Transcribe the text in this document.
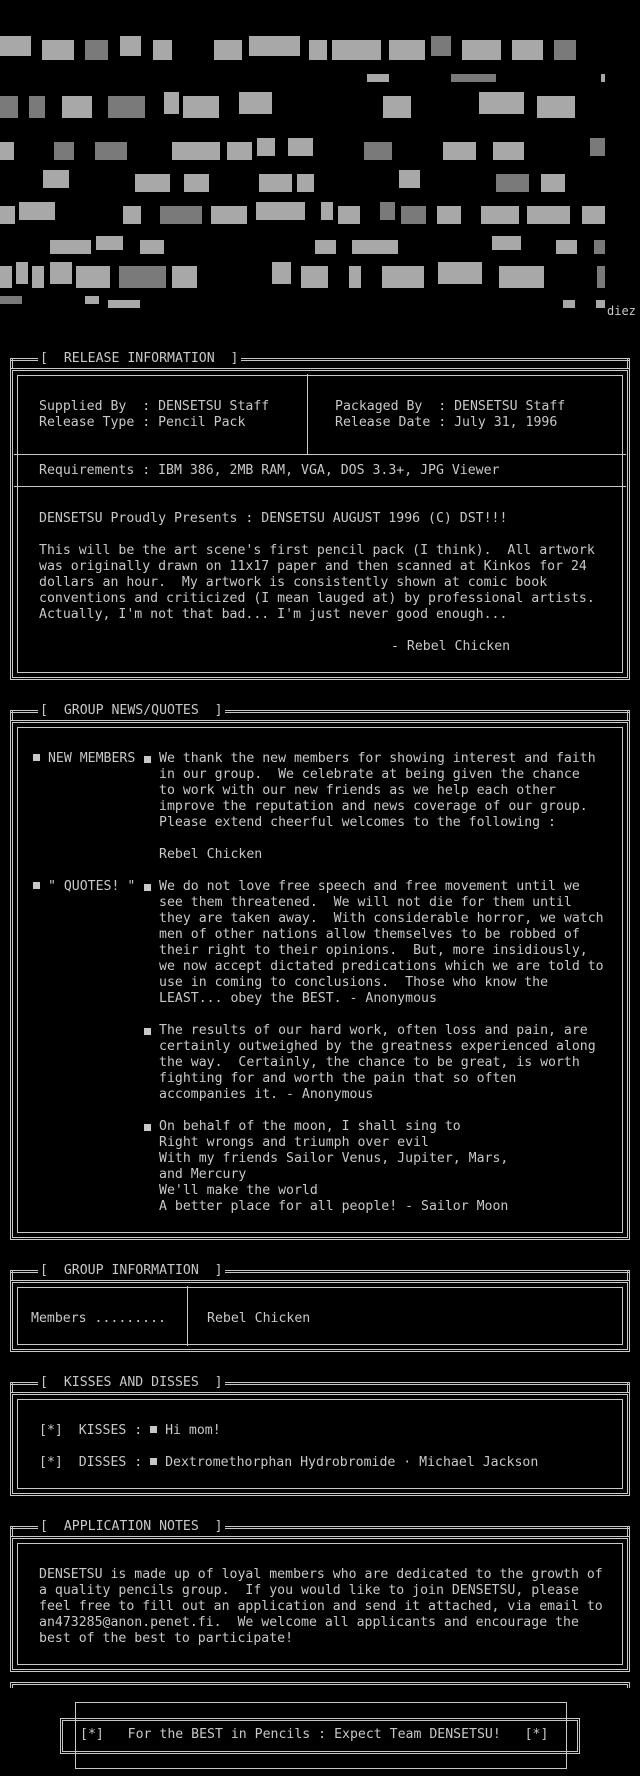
diez
[  RELEASE INFORMATION  ]
Supplied By  : DENSETSU Staff
Release Type : Pencil Pack
Packaged By  : DENSETSU Staff
Release Date : July 31, 1996
Requirements : IBM 386, 2MB RAM, VGA, DOS 3.3+, JPG Viewer
DENSETSU Proudly Presents : DENSETSU AUGUST 1996 (C) DST!!!
This will be the art scene's first pencil pack (I think).  All artwork
was originally drawn on 11x17 paper and then scanned at Kinkos for 24
dollars an hour.  My artwork is consistently shown at comic book
conventions and criticized (I mean lauged at) by professional artists.
Actually, I'm not that bad... I'm just never good enough...
- Rebel Chicken
[  GROUP NEWS/QUOTES  ]
NEW MEMBERS We thank the new members for showing interest and faith
in our group.  We celebrate at being given the chance
to work with our new friends as we help each other
improve the reputation and news coverage of our group.
Please extend cheerful welcomes to the following :

Rebel Chicken
" QUOTES! " We do not love free speech and free movement until we
see them threatened.  We will not die for them until
they are taken away.  With considerable horror, we watch
men of other nations allow themselves to be robbed of
their right to their opinions.  But, more insidiously,
we now accept dictated predications which we are told to
use in coming to conclusions.  Those who know the
LEAST... obey the BEST. - Anonymous
The results of our hard work, often loss and pain, are
certainly outweighed by the greatness experienced along
the way.  Certainly, the chance to be great, is worth
fighting for and worth the pain that so often
accompanies it. - Anonymous
On behalf of the moon, I shall sing to
Right wrongs and triumph over evil
With my friends Sailor Venus, Jupiter, Mars,
and Mercury
We'll make the world
A better place for all people! - Sailor Moon
[  GROUP INFORMATION  ]
Members .........	Rebel Chicken
[  KISSES AND DISSES  ]
[*]  KISSES :  Hi mom!
[*]  DISSES :  Dextromethorphan Hydrobromide · Michael Jackson
[  APPLICATION NOTES  ]
DENSETSU is made up of loyal members who are dedicated to the growth of
a quality pencils group.  If you would like to join DENSETSU, please
feel free to fill out an application and send it attached, via email to
an473285@anon.penet.fi.  We welcome all applicants and encourage the
best of the best to participate!
[*]   For the BEST in Pencils : Expect Team DENSETSU!   [*]
